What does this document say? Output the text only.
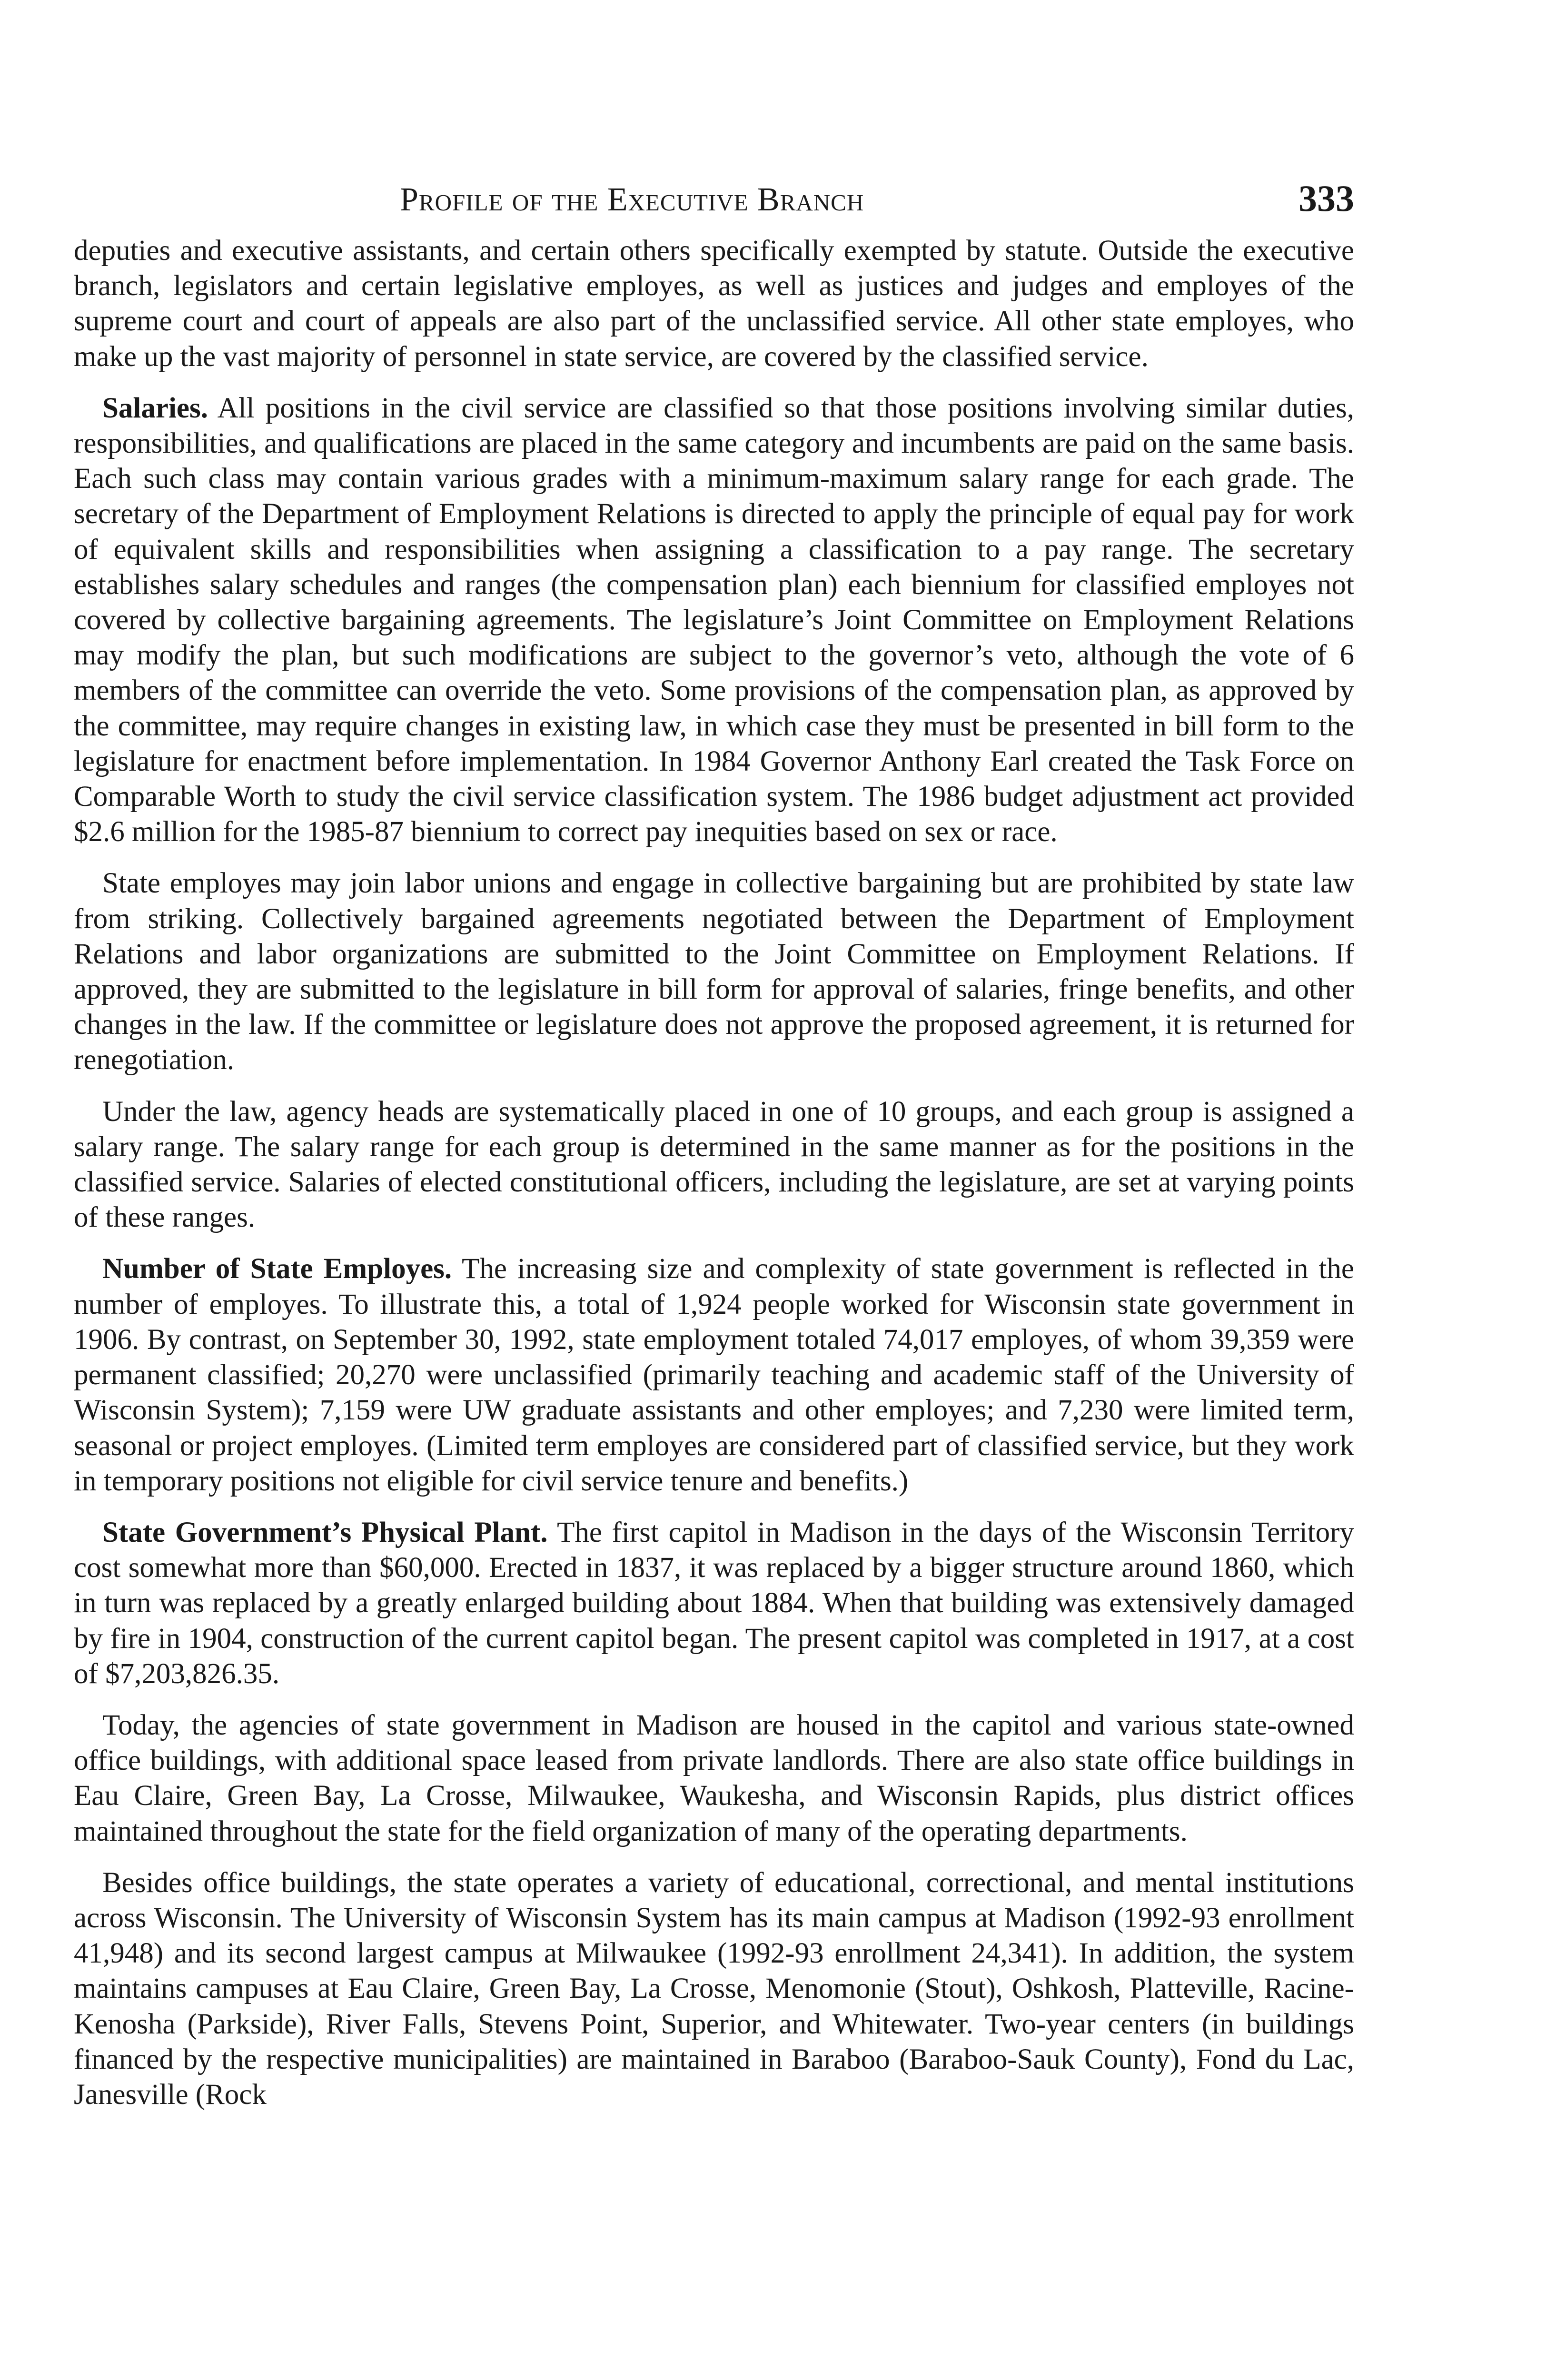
Profile of the Executive Branch	333

deputies and executive assistants, and certain others specifically exempted by statute. Outside the executive branch, legislators and certain legislative employes, as well as justices and judges and employes of the supreme court and court of appeals are also part of the unclassified service. All other state employes, who make up the vast majority of personnel in state service, are covered by the classified service.

Salaries. All positions in the civil service are classified so that those positions involving similar duties, responsibilities, and qualifications are placed in the same category and incumbents are paid on the same basis. Each such class may contain various grades with a minimum-maximum salary range for each grade. The secretary of the Department of Employment Relations is directed to apply the principle of equal pay for work of equivalent skills and responsibilities when assigning a classification to a pay range. The secretary establishes salary schedules and ranges (the compensation plan) each biennium for classified employes not covered by collective bargaining agreements. The legislature’s Joint Committee on Employment Relations may modify the plan, but such modifications are subject to the governor’s veto, although the vote of 6 members of the committee can override the veto. Some provisions of the compensation plan, as approved by the committee, may require changes in existing law, in which case they must be presented in bill form to the legislature for enactment before implementation. In 1984 Governor Anthony Earl created the Task Force on Comparable Worth to study the civil service classification system. The 1986 budget adjustment act provided $2.6 million for the 1985-87 biennium to correct pay inequities based on sex or race.

State employes may join labor unions and engage in collective bargaining but are prohibited by state law from striking. Collectively bargained agreements negotiated between the Department of Employment Relations and labor organizations are submitted to the Joint Committee on Employment Relations. If approved, they are submitted to the legislature in bill form for approval of salaries, fringe benefits, and other changes in the law. If the committee or legislature does not approve the proposed agreement, it is returned for renegotiation.

Under the law, agency heads are systematically placed in one of 10 groups, and each group is assigned a salary range. The salary range for each group is determined in the same manner as for the positions in the classified service. Salaries of elected constitutional officers, including the legislature, are set at varying points of these ranges.

Number of State Employes. The increasing size and complexity of state government is reflected in the number of employes. To illustrate this, a total of 1,924 people worked for Wisconsin state government in 1906. By contrast, on September 30, 1992, state employment totaled 74,017 employes, of whom 39,359 were permanent classified; 20,270 were unclassified (primarily teaching and academic staff of the University of Wisconsin System); 7,159 were UW graduate assistants and other employes; and 7,230 were limited term, seasonal or project employes. (Limited term employes are considered part of classified service, but they work in temporary positions not eligible for civil service tenure and benefits.)

State Government’s Physical Plant. The first capitol in Madison in the days of the Wisconsin Territory cost somewhat more than $60,000. Erected in 1837, it was replaced by a bigger structure around 1860, which in turn was replaced by a greatly enlarged building about 1884. When that building was extensively damaged by fire in 1904, construction of the current capitol began. The present capitol was completed in 1917, at a cost of $7,203,826.35.

Today, the agencies of state government in Madison are housed in the capitol and various state-owned office buildings, with additional space leased from private landlords. There are also state office buildings in Eau Claire, Green Bay, La Crosse, Milwaukee, Waukesha, and Wisconsin Rapids, plus district offices maintained throughout the state for the field organization of many of the operating departments.

Besides office buildings, the state operates a variety of educational, correctional, and mental institutions across Wisconsin. The University of Wisconsin System has its main campus at Madison (1992-93 enrollment 41,948) and its second largest campus at Milwaukee (1992-93 enrollment 24,341). In addition, the system maintains campuses at Eau Claire, Green Bay, La Crosse, Menomonie (Stout), Oshkosh, Platteville, Racine-Kenosha (Parkside), River Falls, Stevens Point, Superior, and Whitewater. Two-year centers (in buildings financed by the respective municipalities) are maintained in Baraboo (Baraboo-Sauk County), Fond du Lac, Janesville (Rock
